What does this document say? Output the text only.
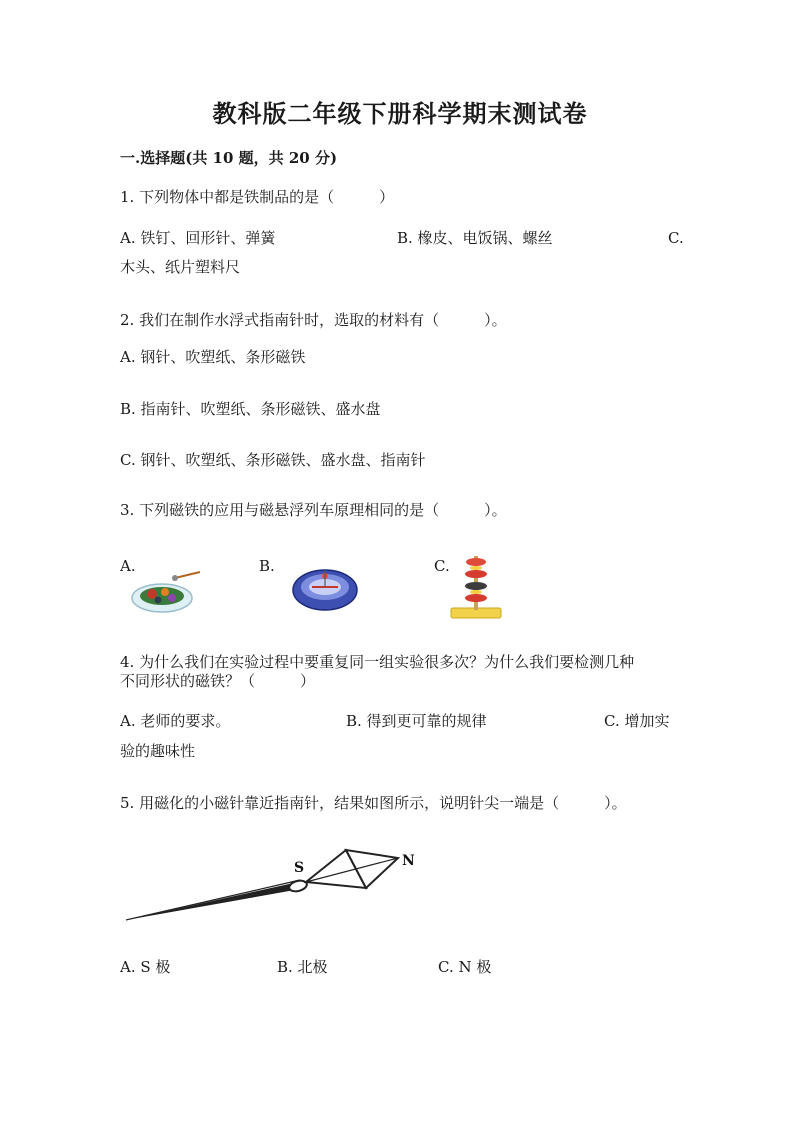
教科版二年级下册科学期末测试卷
一.选择题(共 10 题，共 20 分)
1. 下列物体中都是铁制品的是（　　　）
A. 铁钉、回形针、弹簧	B. 橡皮、电饭锅、螺丝	C.
木头、纸片塑料尺
2. 我们在制作水浮式指南针时，选取的材料有（　　　）。
A. 钢针、吹塑纸、条形磁铁
B. 指南针、吹塑纸、条形磁铁、盛水盘
C. 钢针、吹塑纸、条形磁铁、盛水盘、指南针
3. 下列磁铁的应用与磁悬浮列车原理相同的是（　　　）。
A.	B.	C.
4. 为什么我们在实验过程中要重复同一组实验很多次？为什么我们要检测几种
不同形状的磁铁？（　　　）
A. 老师的要求。	B. 得到更可靠的规律	C. 增加实
验的趣味性
5. 用磁化的小磁针靠近指南针，结果如图所示，说明针尖一端是（　　　）。
S	N
A. S 极	B. 北极	C. N 极
